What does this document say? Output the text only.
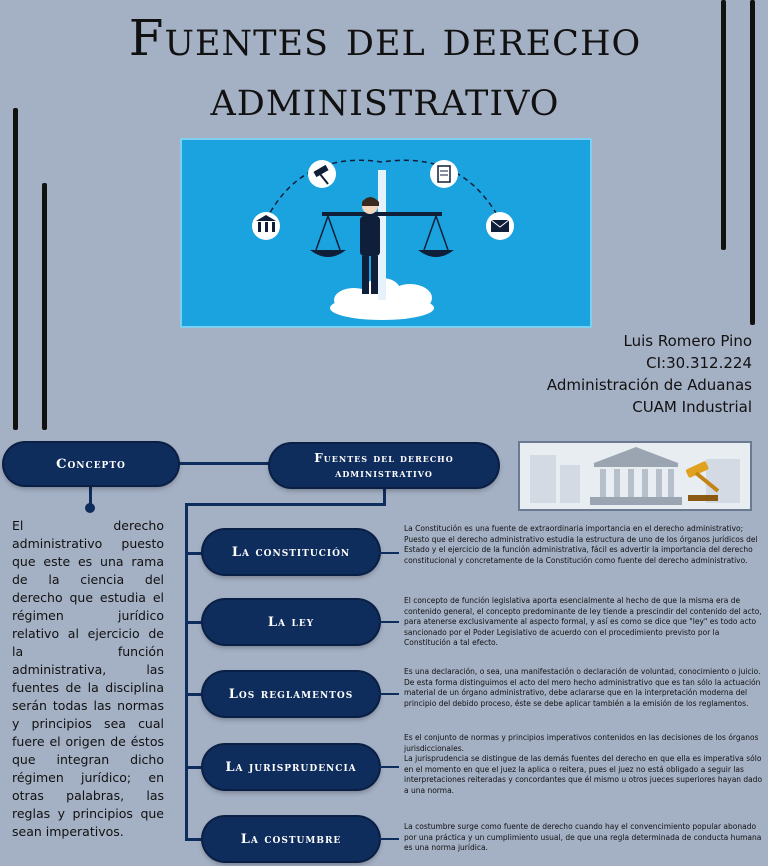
Fuentes del derecho
administrativo
Luis Romero Pino
CI:30.312.224
Administración de Aduanas
CUAM Industrial
Concepto	Fuentes del derecho administrativo
La constitución
La ley
Los reglamentos
La jurisprudencia
La costumbre

El derecho administrativo puesto que este es una rama de la ciencia del derecho que estudia el régimen jurídico relativo al ejercicio de la función administrativa, las fuentes de la disciplina serán todas las normas y principios sea cual fuere el origen de éstos que integran dicho régimen jurídico; en otras palabras, las reglas y principios que sean imperativos.

La Constitución es una fuente de extraordinaria importancia en el derecho administrativo; Puesto que el derecho administrativo estudia la estructura de uno de los órganos jurídicos del Estado y el ejercicio de la función administrativa, fácil es advertir la importancia del derecho constitucional y concretamente de la Constitución como fuente del derecho administrativo.

El concepto de función legislativa aporta esencialmente al hecho de que la misma era de contenido general, el concepto predominante de ley tiende a prescindir del contenido del acto, para atenerse exclusivamente al aspecto formal, y así es como se dice que "ley" es todo acto sancionado por el Poder Legislativo de acuerdo con el procedimiento previsto por la Constitución a tal efecto.

Es una declaración, o sea, una manifestación o declaración de voluntad, conocimiento o juicio. De esta forma distinguimos el acto del mero hecho administrativo que es tan sólo la actuación material de un órgano administrativo, debe aclararse que en la interpretación moderna del principio del debido proceso, éste se debe aplicar también a la emisión de los reglamentos.

Es el conjunto de normas y principios imperativos contenidos en las decisiones de los órganos jurisdiccionales.

La jurisprudencia se distingue de las demás fuentes del derecho en que ella es imperativa sólo en el momento en que el juez la aplica o reitera, pues el juez no está obligado a seguir las interpretaciones reiteradas y concordantes que él mismo u otros jueces superiores hayan dado a una norma.

La costumbre surge como fuente de derecho cuando hay el convencimiento popular abonado por una práctica y un cumplimiento usual, de que una regla determinada de conducta humana es una norma jurídica.
